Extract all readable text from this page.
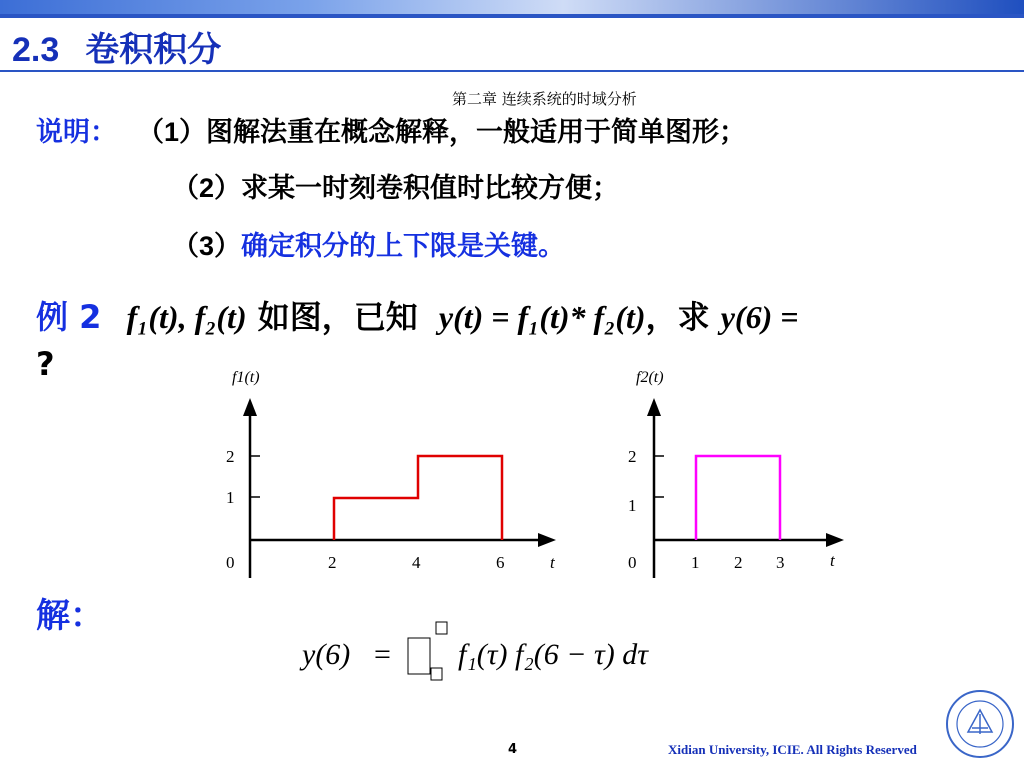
2.3 卷积积分
第二章 连续系统的时域分析
说明： （1）图解法重在概念解释，一般适用于简单图形；
（2）求某一时刻卷积值时比较方便；
（3）确定积分的上下限是关键。
例 2 f₁(t), f₂(t) 如图，已知 y(t) = f₁(t)* f₂(t)，求 y(6) =
?	f1(t)
2
1
0	2	4	6	t
f2(t)
2
1
0	1 2 3	t
解：
y(6) = f₁(τ) f₂(6 − τ) dτ
4	Xidian University, ICIE. All Rights Reserved
